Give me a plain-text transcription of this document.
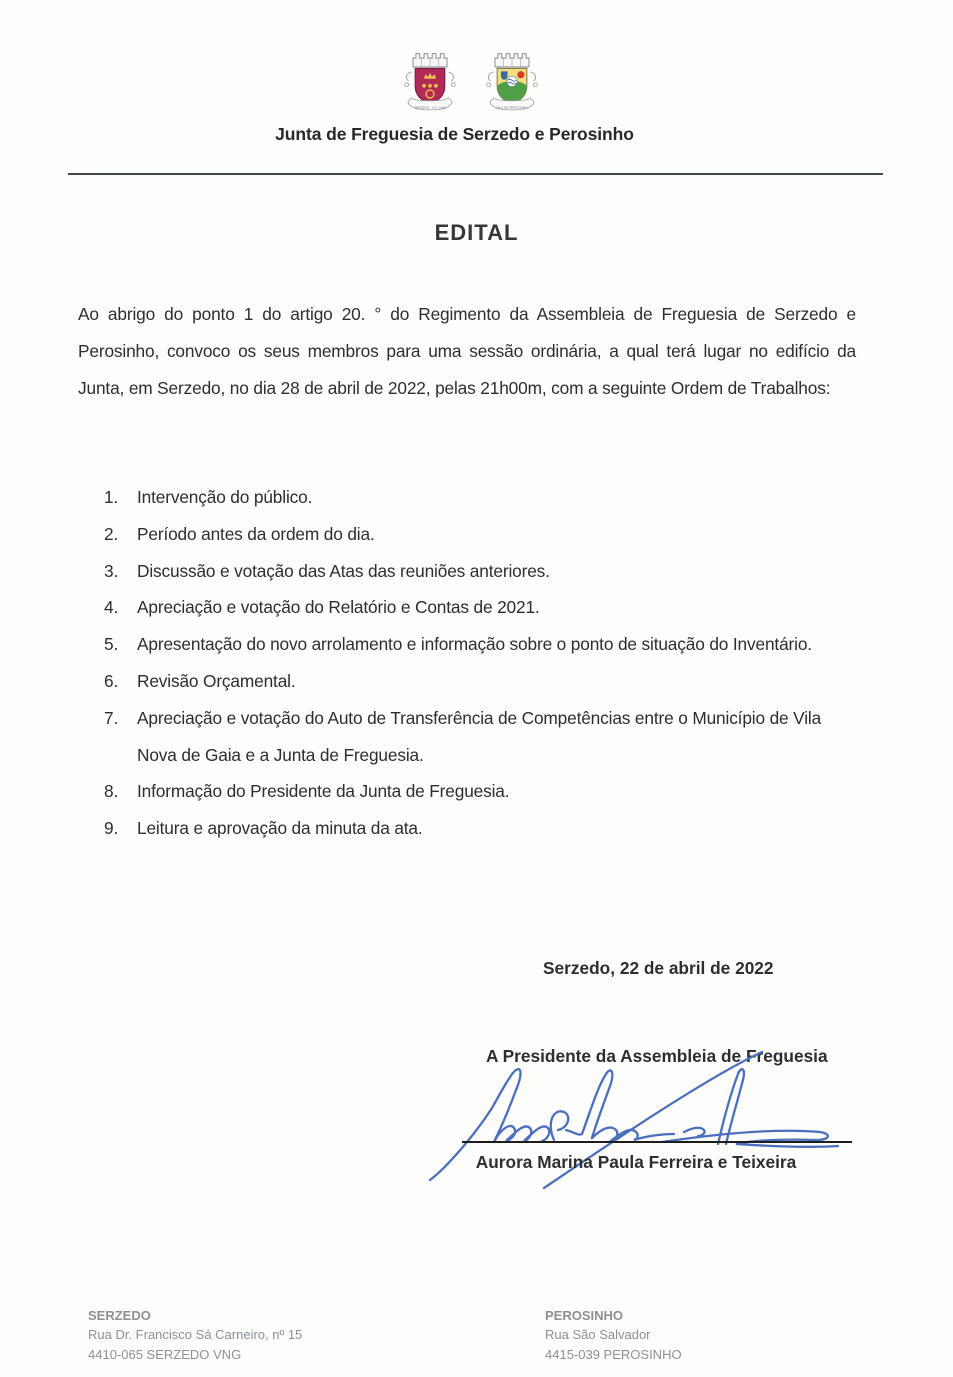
SERZEDO - V.N. GAIA	VILA DE PEROSINHO
Junta de Freguesia de Serzedo e Perosinho
EDITAL
Ao abrigo do ponto 1 do artigo 20. ° do Regimento da Assembleia de Freguesia de Serzedo e Perosinho, convoco os seus membros para uma sessão ordinária, a qual terá lugar no edifício da Junta, em Serzedo, no dia 28 de abril de 2022, pelas 21h00m, com a seguinte Ordem de Trabalhos:
1. Intervenção do público.
2. Período antes da ordem do dia.
3. Discussão e votação das Atas das reuniões anteriores.
4. Apreciação e votação do Relatório e Contas de 2021.
5. Apresentação do novo arrolamento e informação sobre o ponto de situação do Inventário.
6. Revisão Orçamental.
7. Apreciação e votação do Auto de Transferência de Competências entre o Município de Vila Nova de Gaia e a Junta de Freguesia.
8. Informação do Presidente da Junta de Freguesia.
9. Leitura e aprovação da minuta da ata.
Serzedo, 22 de abril de 2022
A Presidente da Assembleia de Freguesia
Aurora Marina Paula Ferreira e Teixeira
SERZEDO
Rua Dr. Francisco Sá Carneiro, nº 15
4410-065 SERZEDO VNG
PEROSINHO
Rua São Salvador
4415-039 PEROSINHO
